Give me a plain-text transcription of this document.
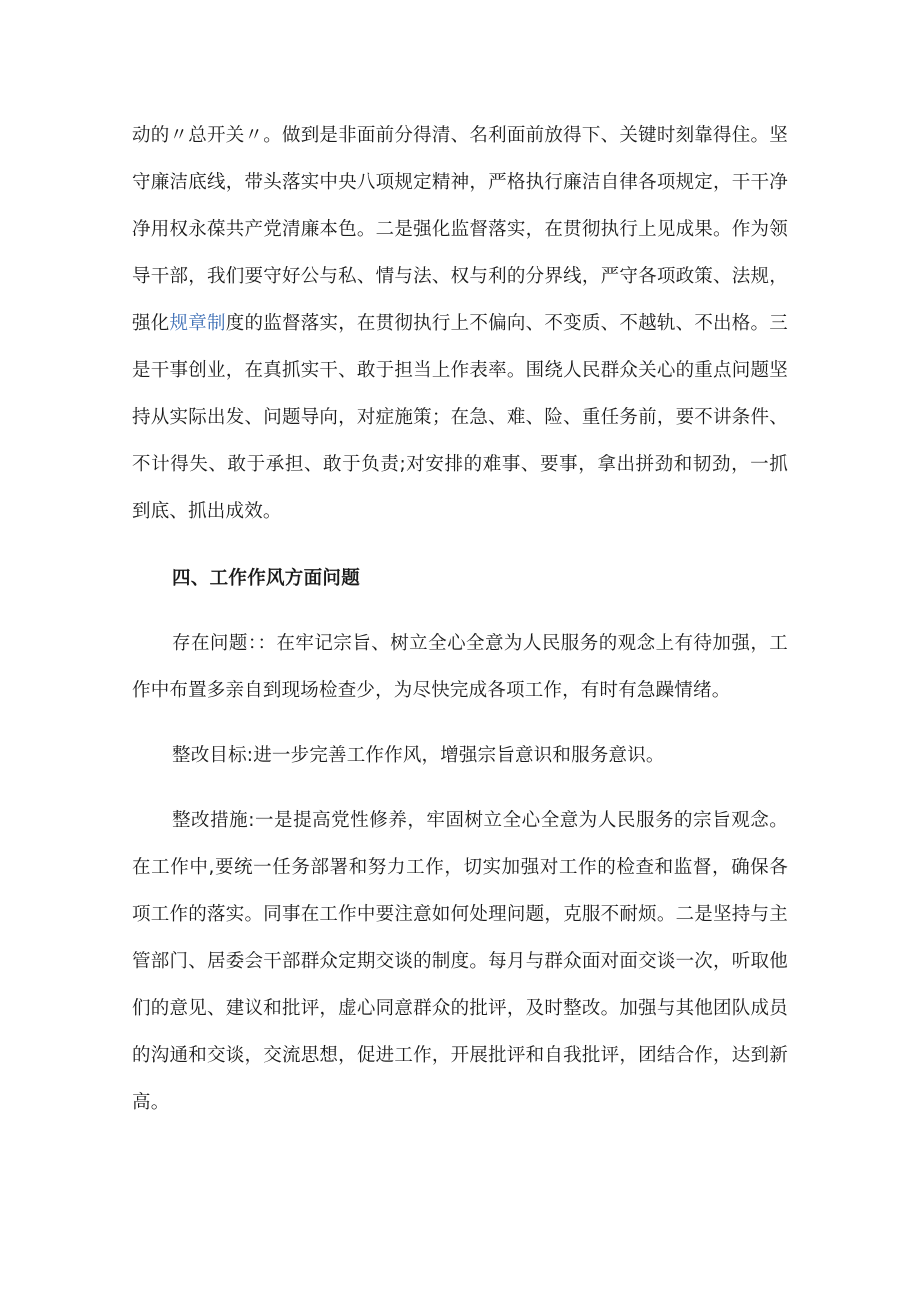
动的〃总开关〃。做到是非面前分得清、名利面前放得下、关键时刻靠得住。坚守廉洁底线，带头落实中央八项规定精神，严格执行廉洁自律各项规定，干干净净用权永葆共产党清廉本色。二是强化监督落实，在贯彻执行上见成果。作为领导干部，我们要守好公与私、情与法、权与利的分界线，严守各项政策、法规，强化规章制度的监督落实，在贯彻执行上不偏向、不变质、不越轨、不出格。三是干事创业，在真抓实干、敢于担当上作表率。围绕人民群众关心的重点问题坚持从实际出发、问题导向，对症施策；在急、难、险、重任务前，要不讲条件、不计得失、敢于承担、敢于负责;对安排的难事、要事，拿出拼劲和韧劲，一抓到底、抓出成效。

四、工作作风方面问题

存在问题：：在牢记宗旨、树立全心全意为人民服务的观念上有待加强，工作中布置多亲自到现场检查少，为尽快完成各项工作，有时有急躁情绪。

整改目标:进一步完善工作作风，增强宗旨意识和服务意识。

整改措施:一是提高党性修养，牢固树立全心全意为人民服务的宗旨观念。在工作中,要统一任务部署和努力工作，切实加强对工作的检查和监督，确保各项工作的落实。同事在工作中要注意如何处理问题，克服不耐烦。二是坚持与主管部门、居委会干部群众定期交谈的制度。每月与群众面对面交谈一次，听取他们的意见、建议和批评，虚心同意群众的批评，及时整改。加强与其他团队成员的沟通和交谈，交流思想，促进工作，开展批评和自我批评，团结合作，达到新高。
